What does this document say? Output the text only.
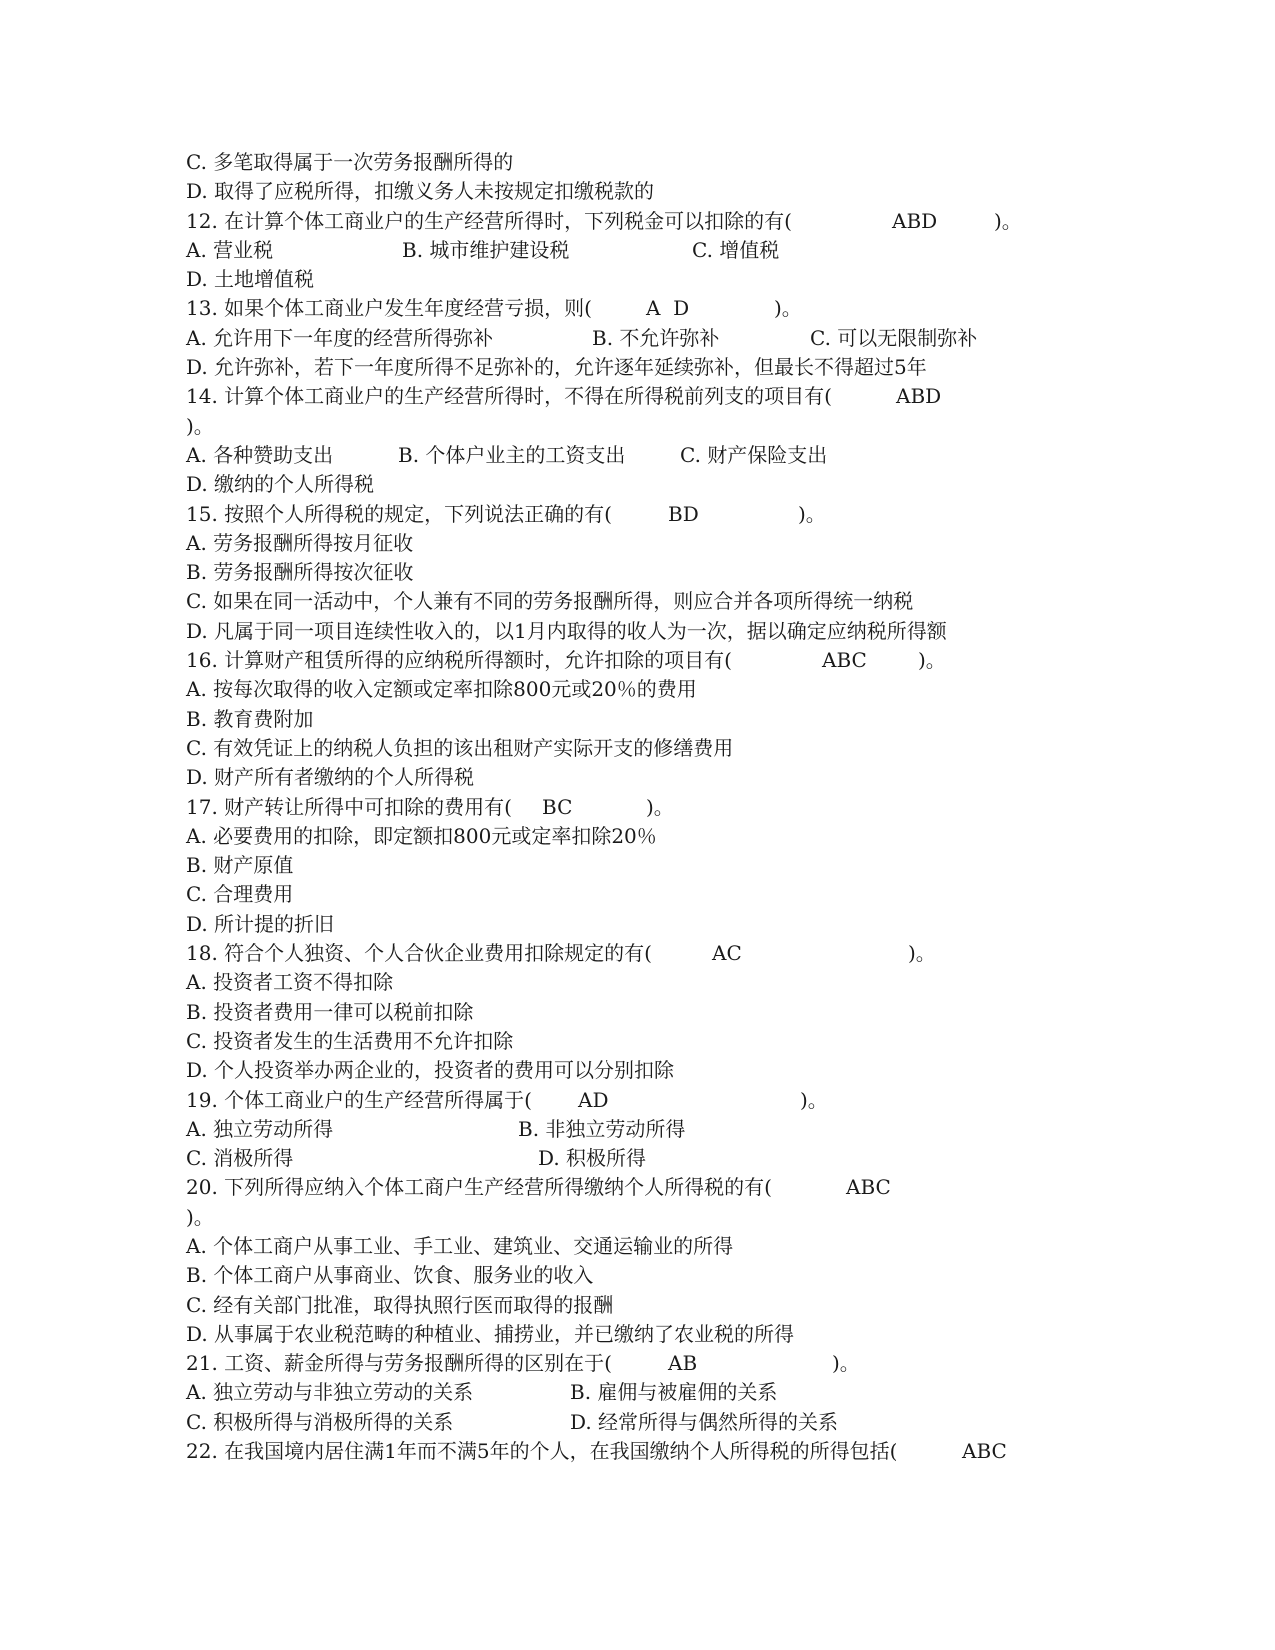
C. 多笔取得属于一次劳务报酬所得的
D. 取得了应税所得，扣缴义务人未按规定扣缴税款的
12. 在计算个体工商业户的生产经营所得时，下列税金可以扣除的有(	ABD	)。
A. 营业税	B. 城市维护建设税	C. 增值税
D. 土地增值税
13. 如果个体工商业户发生年度经营亏损，则(	A  D	)。
A. 允许用下一年度的经营所得弥补	B. 不允许弥补	C. 可以无限制弥补
D. 允许弥补，若下一年度所得不足弥补的，允许逐年延续弥补，但最长不得超过5年
14. 计算个体工商业户的生产经营所得时，不得在所得税前列支的项目有(	ABD
)。
A. 各种赞助支出	B. 个体户业主的工资支出	C. 财产保险支出
D. 缴纳的个人所得税
15. 按照个人所得税的规定，下列说法正确的有(	BD	)。
A. 劳务报酬所得按月征收
B. 劳务报酬所得按次征收
C. 如果在同一活动中，个人兼有不同的劳务报酬所得，则应合并各项所得统一纳税
D. 凡属于同一项目连续性收入的，以1月内取得的收人为一次，据以确定应纳税所得额
16. 计算财产租赁所得的应纳税所得额时，允许扣除的项目有(	ABC	)。
A. 按每次取得的收入定额或定率扣除800元或20％的费用
B. 教育费附加
C. 有效凭证上的纳税人负担的该出租财产实际开支的修缮费用
D. 财产所有者缴纳的个人所得税
17. 财产转让所得中可扣除的费用有( BC	)。
A. 必要费用的扣除，即定额扣800元或定率扣除20％
B. 财产原值
C. 合理费用
D. 所计提的折旧
18. 符合个人独资、个人合伙企业费用扣除规定的有(	AC	)。
A. 投资者工资不得扣除
B. 投资者费用一律可以税前扣除
C. 投资者发生的生活费用不允许扣除
D. 个人投资举办两企业的，投资者的费用可以分别扣除
19. 个体工商业户的生产经营所得属于( AD	)。
A. 独立劳动所得	B. 非独立劳动所得
C. 消极所得	D. 积极所得
20. 下列所得应纳入个体工商户生产经营所得缴纳个人所得税的有(	ABC
)。
A. 个体工商户从事工业、手工业、建筑业、交通运输业的所得
B. 个体工商户从事商业、饮食、服务业的收入
C. 经有关部门批准，取得执照行医而取得的报酬
D. 从事属于农业税范畴的种植业、捕捞业，并已缴纳了农业税的所得
21. 工资、薪金所得与劳务报酬所得的区别在于(	AB	)。
A. 独立劳动与非独立劳动的关系	B. 雇佣与被雇佣的关系
C. 积极所得与消极所得的关系	D. 经常所得与偶然所得的关系
22. 在我国境内居住满1年而不满5年的个人，在我国缴纳个人所得税的所得包括(	ABC
